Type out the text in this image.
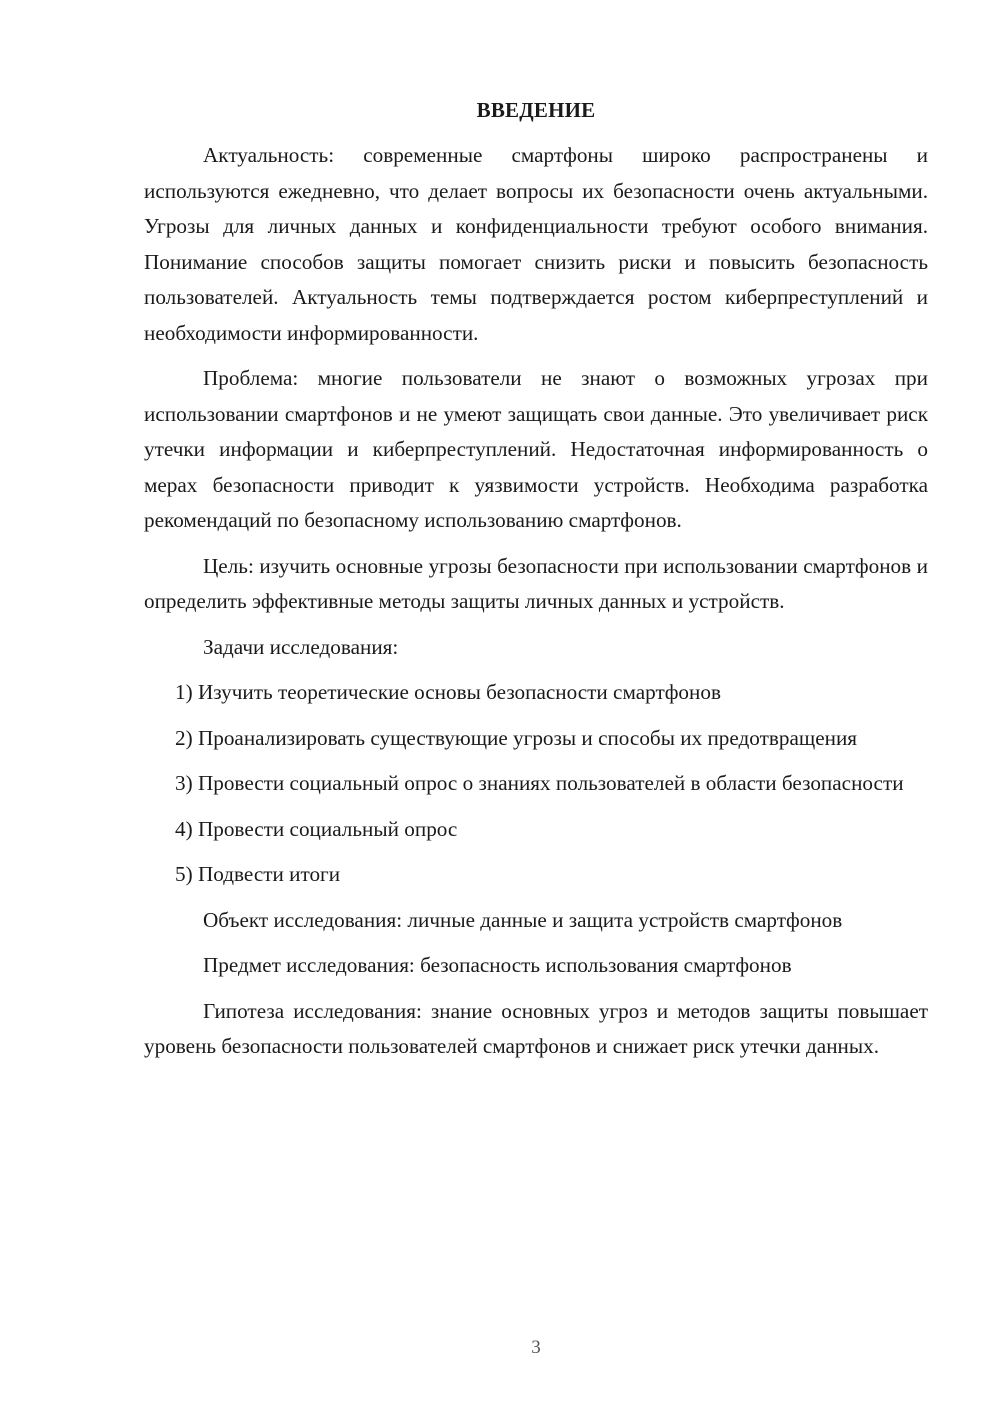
ВВЕДЕНИЕ

Актуальность: современные смартфоны широко распространены и используются ежедневно, что делает вопросы их безопасности очень актуальными. Угрозы для личных данных и конфиденциальности требуют особого внимания. Понимание способов защиты помогает снизить риски и повысить безопасность пользователей. Актуальность темы подтверждается ростом киберпреступлений и необходимости информированности.

Проблема: многие пользователи не знают о возможных угрозах при использовании смартфонов и не умеют защищать свои данные. Это увеличивает риск утечки информации и киберпреступлений. Недостаточная информированность о мерах безопасности приводит к уязвимости устройств. Необходима разработка рекомендаций по безопасному использованию смартфонов.

Цель: изучить основные угрозы безопасности при использовании смартфонов и определить эффективные методы защиты личных данных и устройств.

Задачи исследования:

1) Изучить теоретические основы безопасности смартфонов

2) Проанализировать существующие угрозы и способы их предотвращения

3) Провести социальный опрос о знаниях пользователей в области безопасности

4) Провести социальный опрос

5) Подвести итоги

Объект исследования: личные данные и защита устройств смартфонов

Предмет исследования: безопасность использования смартфонов

Гипотеза исследования: знание основных угроз и методов защиты повышает уровень безопасности пользователей смартфонов и снижает риск утечки данных.

3
